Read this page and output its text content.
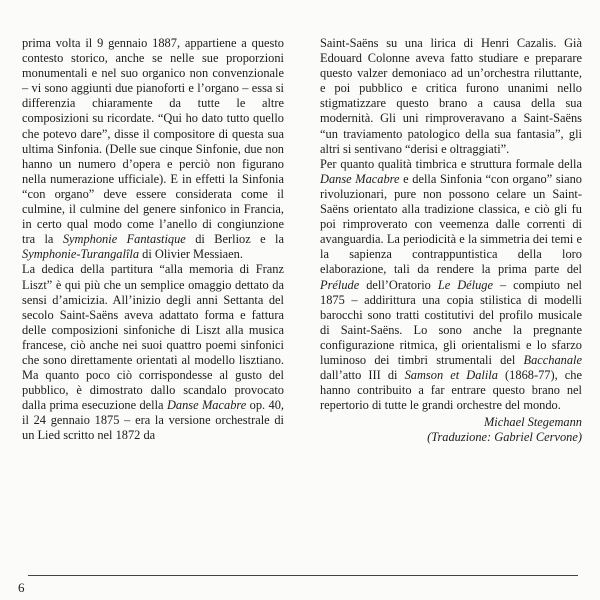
prima volta il 9 gennaio 1887, appartiene a questo contesto storico, anche se nelle sue proporzioni monumentali e nel suo organico non convenzionale – vi sono aggiunti due pianoforti e l’organo – essa si differenzia chiaramente da tutte le altre composizioni su ricordate. “Qui ho dato tutto quello che potevo dare”, disse il compositore di questa sua ultima Sinfonia. (Delle sue cinque Sinfonie, due non hanno un numero d’opera e perciò non figurano nella numerazione ufficiale). E in effetti la Sinfonia “con organo” deve essere considerata come il culmine, il culmine del genere sinfonico in Francia, in certo qual modo come l’anello di congiunzione tra la Symphonie Fantastique di Berlioz e la Symphonie-Turangalîla di Olivier Messiaen.

La dedica della partitura “alla memoria di Franz Liszt” è qui più che un semplice omaggio dettato da sensi d’amicizia. All’inizio degli anni Settanta del secolo Saint-Saëns aveva adattato forma e fattura delle composizioni sinfoniche di Liszt alla musica francese, ciò anche nei suoi quattro poemi sinfonici che sono direttamente orientati al modello lisztiano. Ma quanto poco ciò corrispondesse al gusto del pubblico, è dimostrato dallo scandalo provocato dalla prima esecuzione della Danse Macabre op. 40, il 24 gennaio 1875 – era la versione orchestrale di un Lied scritto nel 1872 da

Saint-Saëns su una lirica di Henri Cazalis. Già Edouard Colonne aveva fatto studiare e preparare questo valzer demoniaco ad un’orchestra riluttante, e poi pubblico e critica furono unanimi nello stigmatizzare questo brano a causa della sua modernità. Gli uni rimproveravano a Saint-Saëns “un traviamento patologico della sua fantasia”, gli altri si sentivano “derisi e oltraggiati”.

Per quanto qualità timbrica e struttura formale della Danse Macabre e della Sinfonia “con organo” siano rivoluzionari, pure non possono celare un Saint-Saëns orientato alla tradizione classica, e ciò gli fu poi rimproverato con veemenza dalle correnti di avanguardia. La periodicità e la simmetria dei temi e la sapienza contrappuntistica della loro elaborazione, tali da rendere la prima parte del Prélude dell’Oratorio Le Déluge – compiuto nel 1875 – addirittura una copia stilistica di modelli barocchi sono tratti costitutivi del profilo musicale di Saint-Saëns. Lo sono anche la pregnante configurazione ritmica, gli orientalismi e lo sfarzo luminoso dei timbri strumentali del Bacchanale dall’atto III di Samson et Dalila (1868-77), che hanno contribuito a far entrare questo brano nel repertorio di tutte le grandi orchestre del mondo.

Michael Stegemann
(Traduzione: Gabriel Cervone)
6
